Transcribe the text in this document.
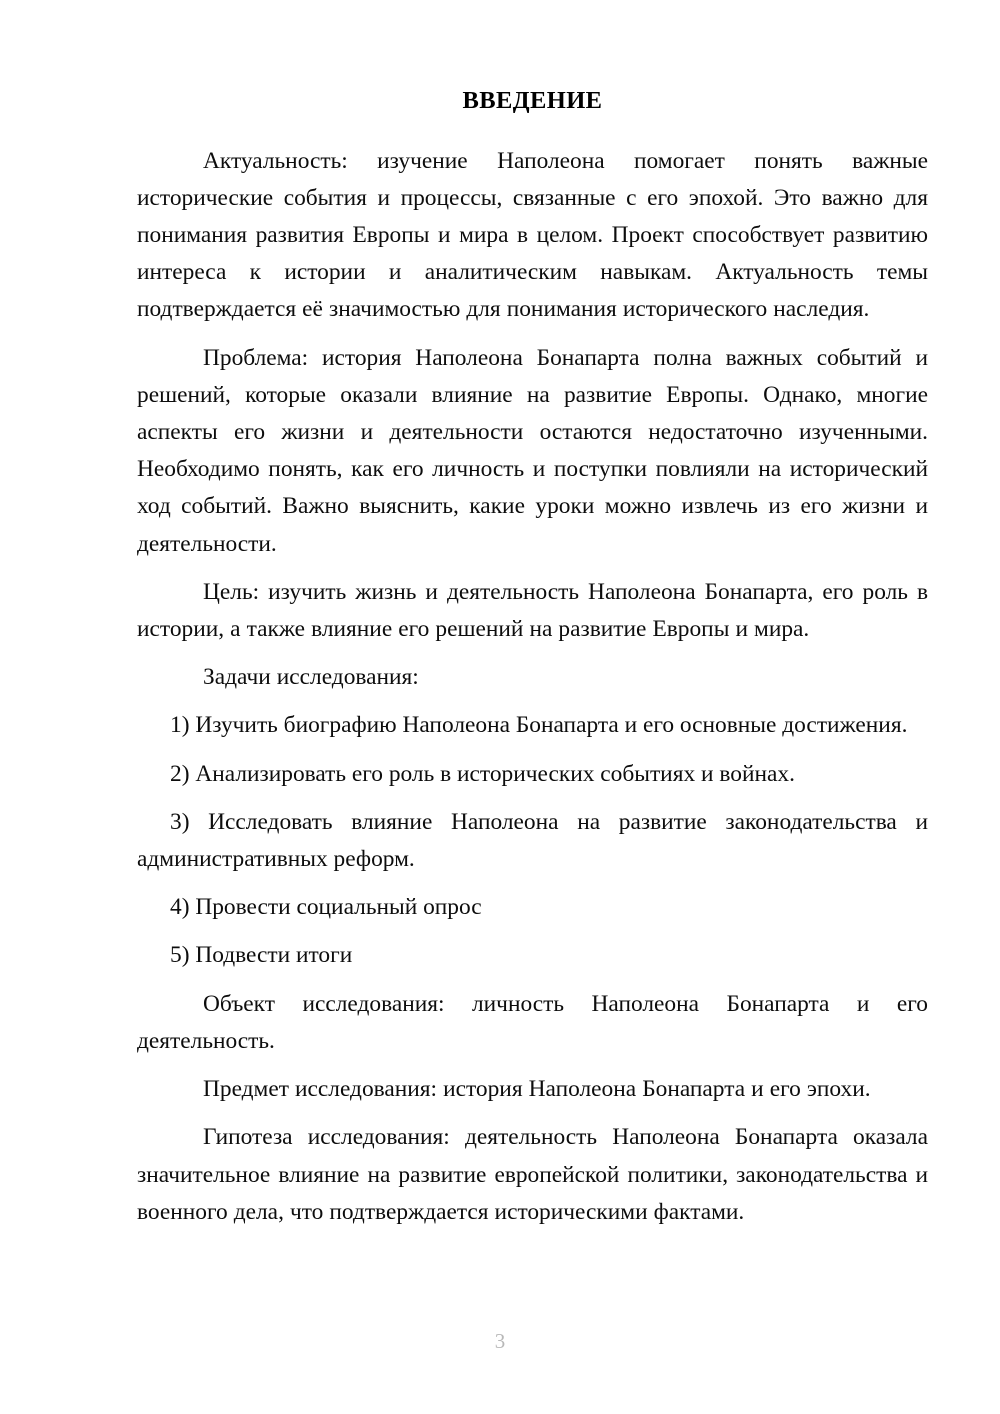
ВВЕДЕНИЕ

Актуальность: изучение Наполеона помогает понять важные исторические события и процессы, связанные с его эпохой. Это важно для понимания развития Европы и мира в целом. Проект способствует развитию интереса к истории и аналитическим навыкам. Актуальность темы подтверждается её значимостью для понимания исторического наследия.

Проблема: история Наполеона Бонапарта полна важных событий и решений, которые оказали влияние на развитие Европы. Однако, многие аспекты его жизни и деятельности остаются недостаточно изученными. Необходимо понять, как его личность и поступки повлияли на исторический ход событий. Важно выяснить, какие уроки можно извлечь из его жизни и деятельности.

Цель: изучить жизнь и деятельность Наполеона Бонапарта, его роль в истории, а также влияние его решений на развитие Европы и мира.

Задачи исследования:

1) Изучить биографию Наполеона Бонапарта и его основные достижения.

2) Анализировать его роль в исторических событиях и войнах.

3) Исследовать влияние Наполеона на развитие законодательства и административных реформ.

4) Провести социальный опрос

5) Подвести итоги

Объект исследования: личность Наполеона Бонапарта и его деятельность.

Предмет исследования: история Наполеона Бонапарта и его эпохи.

Гипотеза исследования: деятельность Наполеона Бонапарта оказала значительное влияние на развитие европейской политики, законодательства и военного дела, что подтверждается историческими фактами.

3
